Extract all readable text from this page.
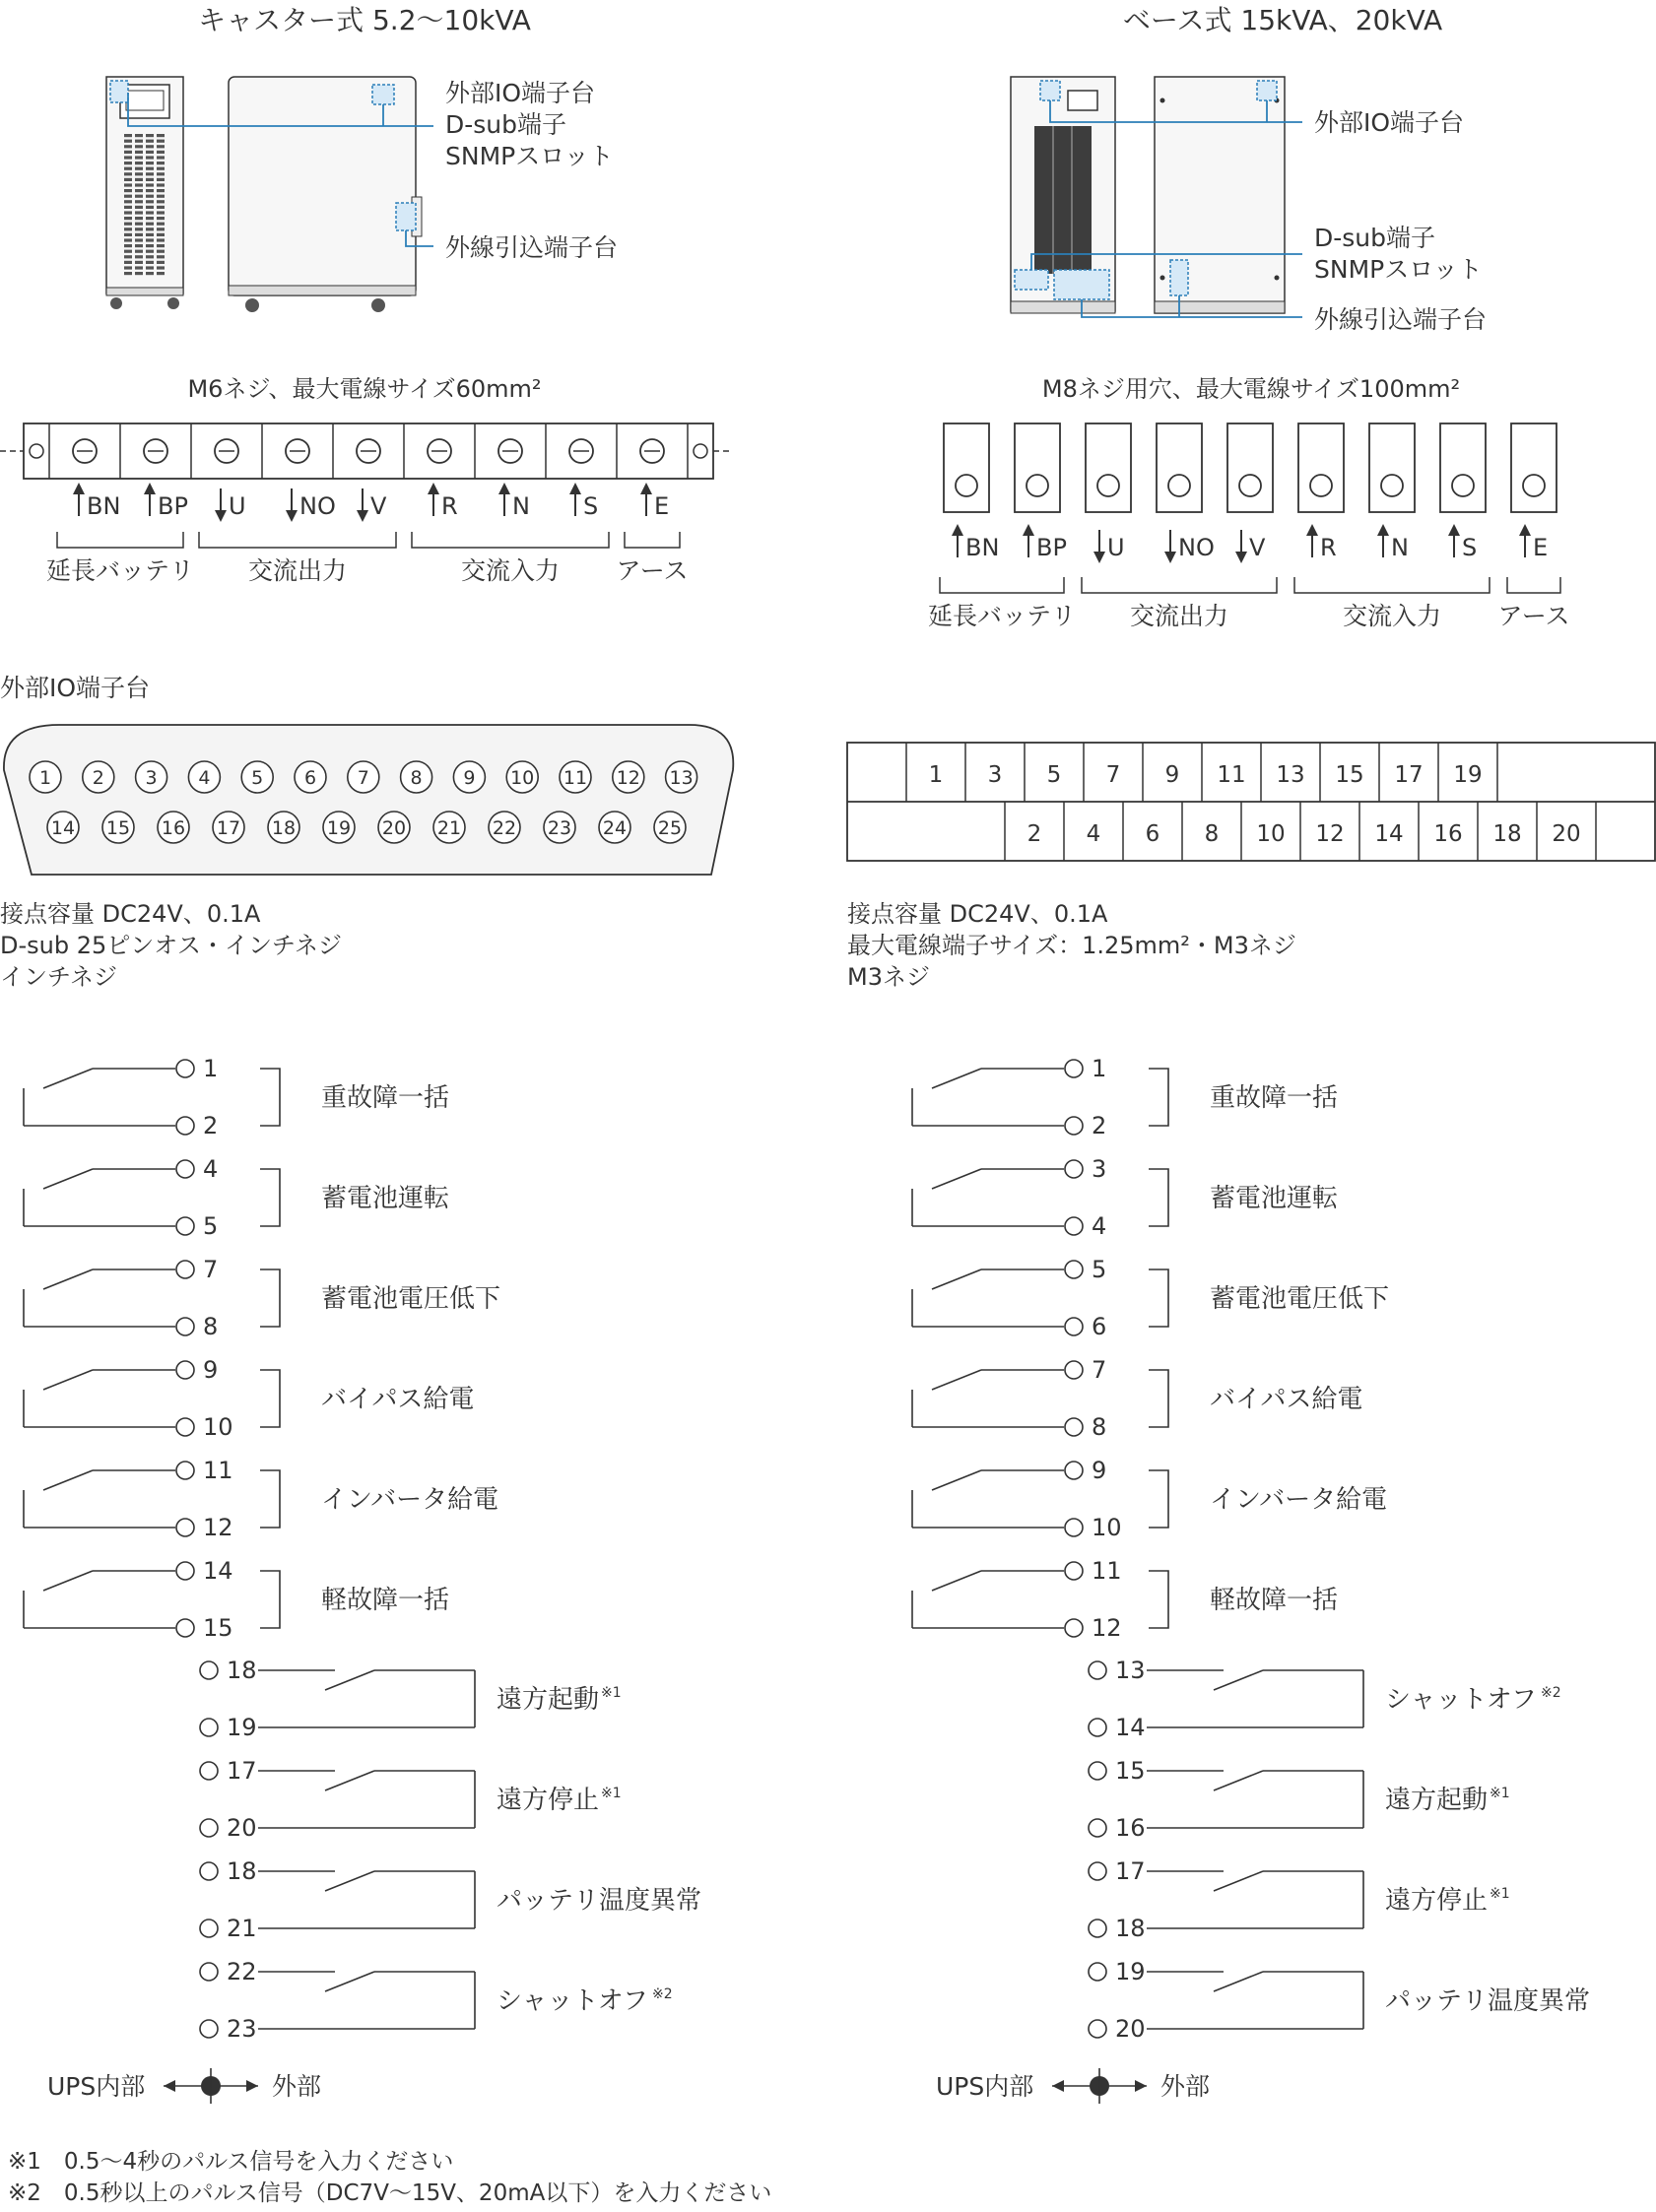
キャスター式 5.2〜10kVA	ベース式 15kVA、20kVA
外部IO端子台
D-sub端子
SNMPスロット
外線引込端子台
外部IO端子台
D-sub端子
SNMPスロット
外線引込端子台
M6ネジ、最大電線サイズ60mm²	M8ネジ用穴、最大電線サイズ100mm²
BN BP U NO V R N S E
延長バッテリ 交流出力	交流入力 アース
BN BP U NO V R N S E
延長バッテリ 交流出力	交流入力 アース
外部IO端子台
1 2 3 4 5 6 7 8 9 10 11 12 13
14 15 16 17 18 19 20 21 22 23 24 25
1 3 5 7 9 11 13 15 17 19
2 4 6 8 10 12 14 16 18 20
接点容量 DC24V、0.1A
D-sub 25ピンオス・インチネジ
インチネジ
接点容量 DC24V、0.1A
最大電線端子サイズ：1.25mm²・M3ネジ
M3ネジ
1
2
重故障一括
4
5
蓄電池運転
7
8
蓄電池電圧低下
9
10
バイパス給電
11
12
インバータ給電
14
15
軽故障一括
18
19
遠方起動 ※1
17
20
遠方停止 ※1
18
21
パッテリ温度異常
22
23
シャットオフ ※2
UPS内部	外部
1
2
重故障一括
3
4
蓄電池運転
5
6
蓄電池電圧低下
7
8
バイパス給電
9
10
インバータ給電
11
12
軽故障一括
13
14
シャットオフ ※2
15
16
遠方起動 ※1
17
18
遠方停止 ※1
19
20
パッテリ温度異常
UPS内部	外部
※1　0.5〜4秒のパルス信号を入力ください
※2　0.5秒以上のパルス信号（DC7V〜15V、20mA以下）を入力ください
